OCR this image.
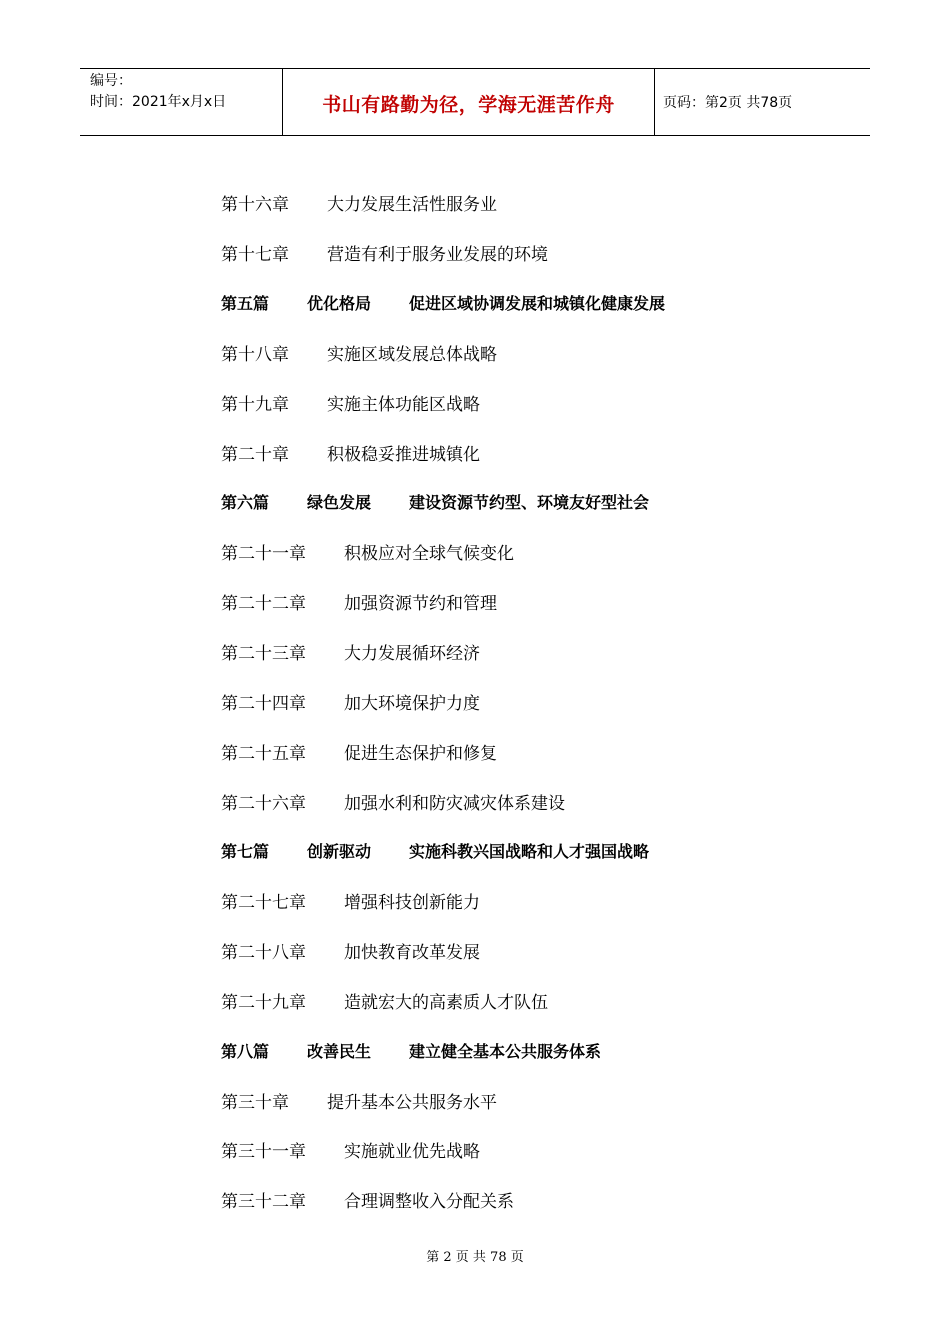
编号：
时间：2021年x月x日	书山有路勤为径，学海无涯苦作舟	页码：第2页 共78页
第十六章 大力发展生活性服务业
第十七章 营造有利于服务业发展的环境
第五篇 优化格局 促进区域协调发展和城镇化健康发展
第十八章 实施区域发展总体战略
第十九章 实施主体功能区战略
第二十章 积极稳妥推进城镇化
第六篇 绿色发展 建设资源节约型、环境友好型社会
第二十一章 积极应对全球气候变化
第二十二章 加强资源节约和管理
第二十三章 大力发展循环经济
第二十四章 加大环境保护力度
第二十五章 促进生态保护和修复
第二十六章 加强水利和防灾减灾体系建设
第七篇 创新驱动 实施科教兴国战略和人才强国战略
第二十七章 增强科技创新能力
第二十八章 加快教育改革发展
第二十九章 造就宏大的高素质人才队伍
第八篇 改善民生 建立健全基本公共服务体系
第三十章 提升基本公共服务水平
第三十一章 实施就业优先战略
第三十二章 合理调整收入分配关系
第 2 页 共 78 页
